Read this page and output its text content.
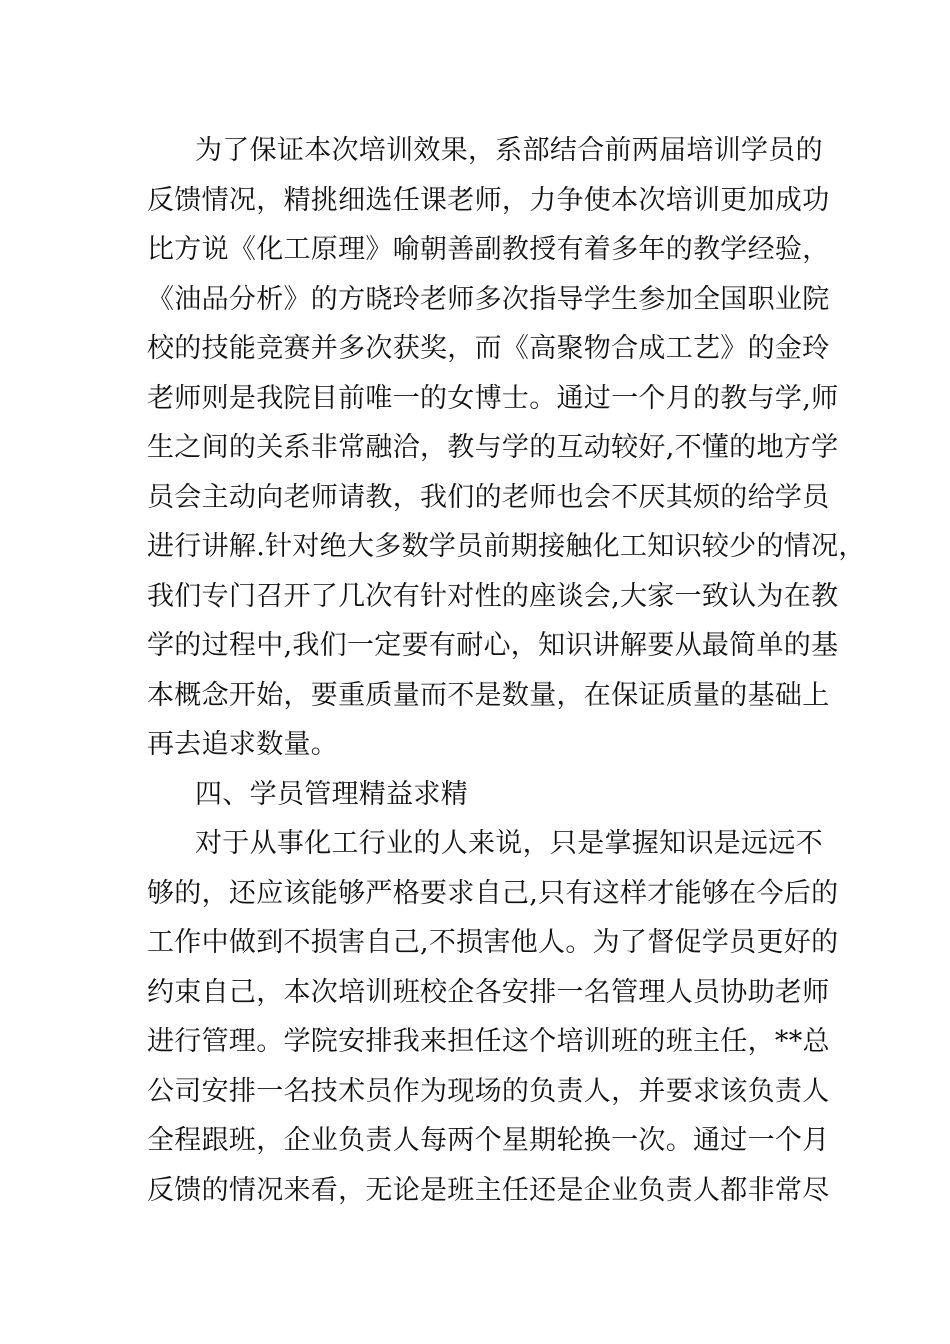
为了保证本次培训效果，系部结合前两届培训学员的
反馈情况，精挑细选任课老师，力争使本次培训更加成功
比方说《化工原理》喻朝善副教授有着多年的教学经验，
《油品分析》的方晓玲老师多次指导学生参加全国职业院
校的技能竞赛并多次获奖，而《高聚物合成工艺》的金玲
老师则是我院目前唯一的女博士。通过一个月的教与学,师
生之间的关系非常融洽，教与学的互动较好,不懂的地方学
员会主动向老师请教，我们的老师也会不厌其烦的给学员
进行讲解.针对绝大多数学员前期接触化工知识较少的情况，
我们专门召开了几次有针对性的座谈会,大家一致认为在教
学的过程中,我们一定要有耐心，知识讲解要从最简单的基
本概念开始，要重质量而不是数量，在保证质量的基础上
再去追求数量。
四、学员管理精益求精
对于从事化工行业的人来说，只是掌握知识是远远不
够的，还应该能够严格要求自己,只有这样才能够在今后的
工作中做到不损害自己,不损害他人。为了督促学员更好的
约束自己，本次培训班校企各安排一名管理人员协助老师
进行管理。学院安排我来担任这个培训班的班主任，**总
公司安排一名技术员作为现场的负责人，并要求该负责人
全程跟班，企业负责人每两个星期轮换一次。通过一个月
反馈的情况来看，无论是班主任还是企业负责人都非常尽
